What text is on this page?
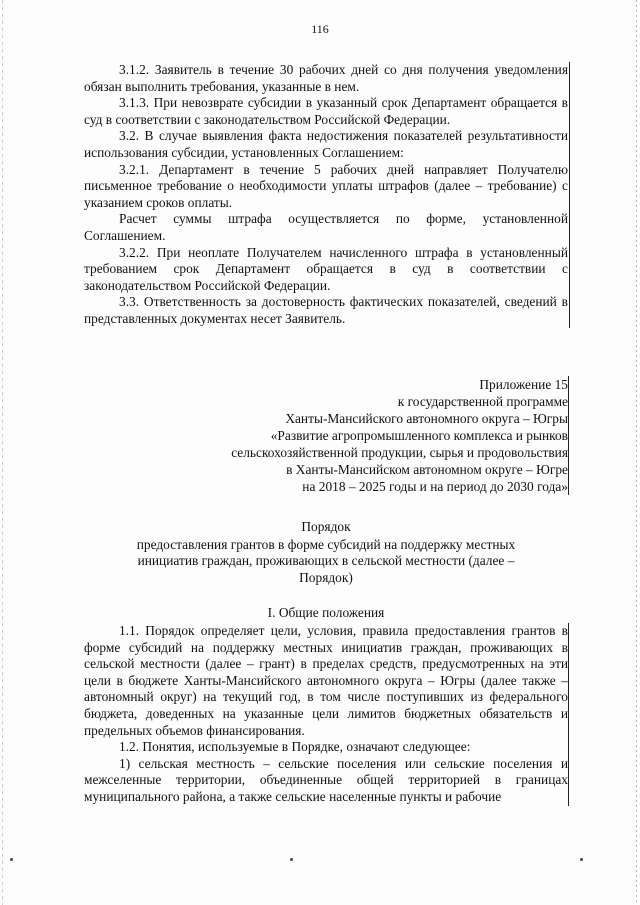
116

3.1.2. Заявитель в течение 30 рабочих дней со дня получения уведомления обязан выполнить требования, указанные в нем.

3.1.3. При невозврате субсидии в указанный срок Департамент обращается в суд в соответствии с законодательством Российской Федерации.

3.2. В случае выявления факта недостижения показателей результативности использования субсидии, установленных Соглашением:

3.2.1. Департамент в течение 5 рабочих дней направляет Получателю письменное требование о необходимости уплаты штрафов (далее – требование) с указанием сроков оплаты.

Расчет суммы штрафа осуществляется по форме, установленной Соглашением.

3.2.2. При неоплате Получателем начисленного штрафа в установленный требованием срок Департамент обращается в суд в соответствии с законодательством Российской Федерации.

3.3. Ответственность за достоверность фактических показателей, сведений в представленных документах несет Заявитель.

Приложение 15
к государственной программе
Ханты-Мансийского автономного округа – Югры
«Развитие агропромышленного комплекса и рынков
сельскохозяйственной продукции, сырья и продовольствия
в Ханты-Мансийском автономном округе – Югре
на 2018 – 2025 годы и на период до 2030 года»
Порядок
предоставления грантов в форме субсидий на поддержку местных
инициатив граждан, проживающих в сельской местности (далее –
Порядок)
I. Общие положения

1.1. Порядок определяет цели, условия, правила предоставления грантов в форме субсидий на поддержку местных инициатив граждан, проживающих в сельской местности (далее – грант) в пределах средств, предусмотренных на эти цели в бюджете Ханты-Мансийского автономного округа – Югры (далее также – автономный округ) на текущий год, в том числе поступивших из федерального бюджета, доведенных на указанные цели лимитов бюджетных обязательств и предельных объемов финансирования.

1.2. Понятия, используемые в Порядке, означают следующее:

1) сельская местность – сельские поселения или сельские поселения и межселенные территории, объединенные общей территорией в границах муниципального района, а также сельские населенные пункты и рабочие
